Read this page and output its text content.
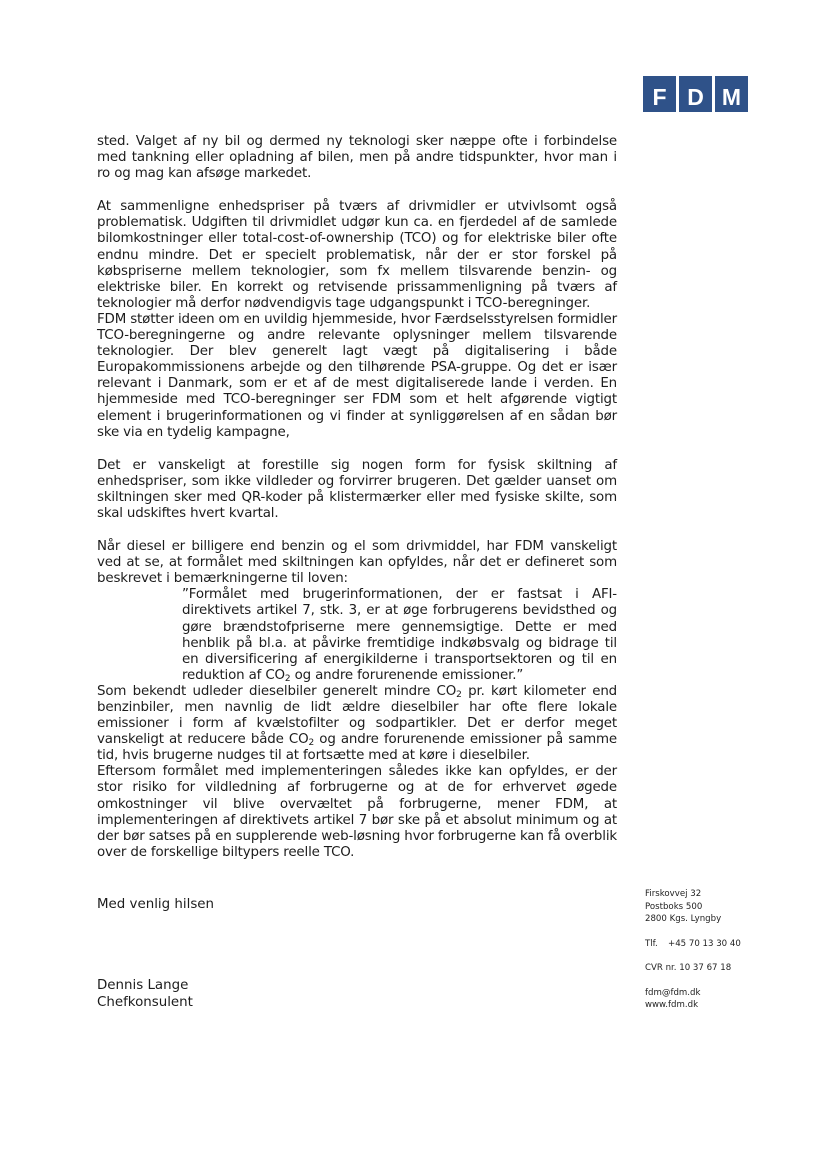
F D M

sted. Valget af ny bil og dermed ny teknologi sker næppe ofte i forbindelse med tankning eller opladning af bilen, men på andre tidspunkter, hvor man i ro og mag kan afsøge markedet.

At sammenligne enhedspriser på tværs af drivmidler er utvivlsomt også problematisk. Udgiften til drivmidlet udgør kun ca. en fjerdedel af de samlede bilomkostninger eller total-cost-of-ownership (TCO) og for elektriske biler ofte endnu mindre. Det er specielt problematisk, når der er stor forskel på købspriserne mellem teknologier, som fx mellem tilsvarende benzin- og elektriske biler. En korrekt og retvisende prissammenligning på tværs af teknologier må derfor nødvendigvis tage udgangspunkt i TCO-beregninger.

FDM støtter ideen om en uvildig hjemmeside, hvor Færdselsstyrelsen formidler TCO-beregningerne og andre relevante oplysninger mellem tilsvarende teknologier. Der blev generelt lagt vægt på digitalisering i både Europakommissionens arbejde og den tilhørende PSA-gruppe. Og det er især relevant i Danmark, som er et af de mest digitaliserede lande i verden. En hjemmeside med TCO-beregninger ser FDM som et helt afgørende vigtigt element i brugerinformationen og vi finder at synliggørelsen af en sådan bør ske via en tydelig kampagne,

Det er vanskeligt at forestille sig nogen form for fysisk skiltning af enhedspriser, som ikke vildleder og forvirrer brugeren. Det gælder uanset om skiltningen sker med QR-koder på klistermærker eller med fysiske skilte, som skal udskiftes hvert kvartal.

Når diesel er billigere end benzin og el som drivmiddel, har FDM vanskeligt ved at se, at formålet med skiltningen kan opfyldes, når det er defineret som beskrevet i bemærkningerne til loven:

”Formålet med brugerinformationen, der er fastsat i AFI-direktivets artikel 7, stk. 3, er at øge forbrugerens bevidsthed og gøre brændstofpriserne mere gennemsigtige. Dette er med henblik på bl.a. at påvirke fremtidige indkøbsvalg og bidrage til en diversificering af energikilderne i transportsektoren og til en reduktion af $CO_2$ og andre forurenende emissioner.”

Som bekendt udleder dieselbiler generelt mindre $CO_2$ pr. kørt kilometer end benzinbiler, men navnlig de lidt ældre dieselbiler har ofte flere lokale emissioner i form af kvælstofilter og sodpartikler. Det er derfor meget vanskeligt at reducere både $CO_2$ og andre forurenende emissioner på samme tid, hvis brugerne nudges til at fortsætte med at køre i dieselbiler.

Eftersom formålet med implementeringen således ikke kan opfyldes, er der stor risiko for vildledning af forbrugerne og at de for erhvervet øgede omkostninger vil blive overvæltet på forbrugerne, mener FDM, at implementeringen af direktivets artikel 7 bør ske på et absolut minimum og at der bør satses på en supplerende web-løsning hvor forbrugerne kan få overblik over de forskellige biltypers reelle TCO.

Med venlig hilsen
Dennis Lange
Chefkonsulent
Firskovvej 32
Postboks 500
2800 Kgs. Lyngby
Tlf. +45 70 13 30 40
CVR nr. 10 37 67 18
fdm@fdm.dk
www.fdm.dk
